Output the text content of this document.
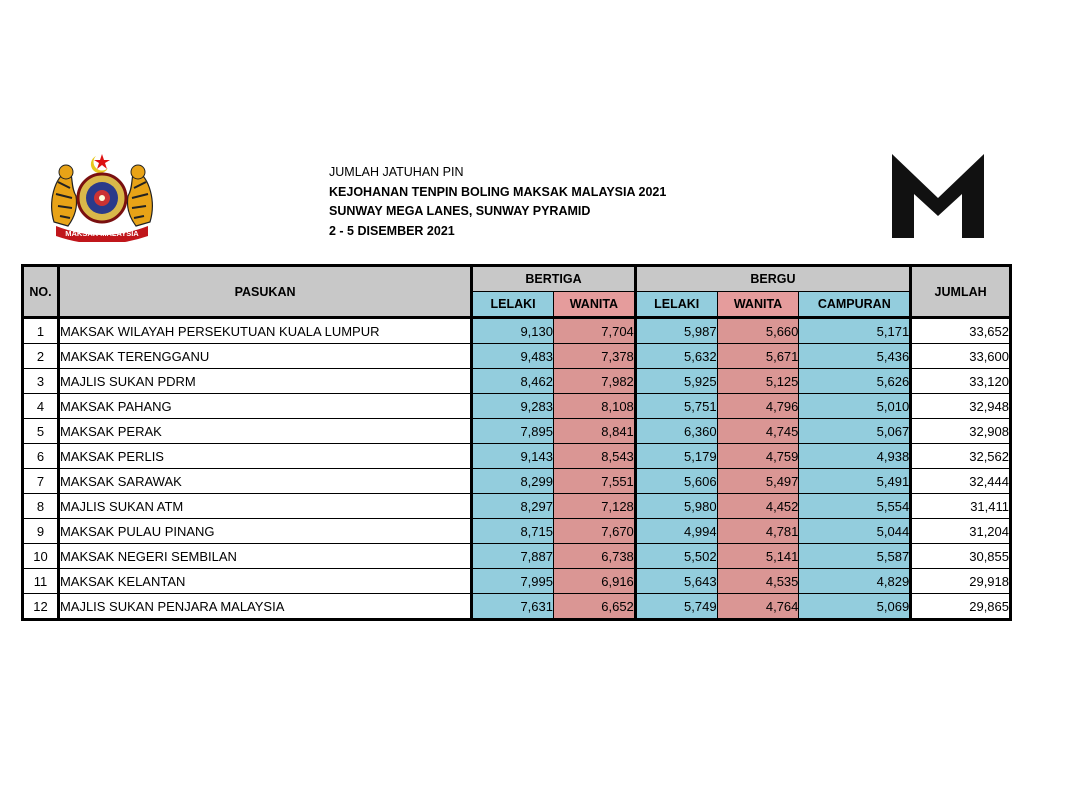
MAKSAK MALAYSIA
JUMLAH JATUHAN PIN
KEJOHANAN TENPIN BOLING MAKSAK MALAYSIA 2021
SUNWAY MEGA LANES, SUNWAY PYRAMID
2 - 5 DISEMBER 2021
NO.	PASUKAN	BERTIGA		BERGU			JUMLAH
		LELAKI	WANITA	LELAKI	WANITA	CAMPURAN	
1	MAKSAK WILAYAH PERSEKUTUAN KUALA LUMPUR	9,130	7,704	5,987	5,660	5,171	33,652
2	MAKSAK TERENGGANU	9,483	7,378	5,632	5,671	5,436	33,600
3	MAJLIS SUKAN PDRM	8,462	7,982	5,925	5,125	5,626	33,120
4	MAKSAK PAHANG	9,283	8,108	5,751	4,796	5,010	32,948
5	MAKSAK PERAK	7,895	8,841	6,360	4,745	5,067	32,908
6	MAKSAK PERLIS	9,143	8,543	5,179	4,759	4,938	32,562
7	MAKSAK SARAWAK	8,299	7,551	5,606	5,497	5,491	32,444
8	MAJLIS SUKAN ATM	8,297	7,128	5,980	4,452	5,554	31,411
9	MAKSAK PULAU PINANG	8,715	7,670	4,994	4,781	5,044	31,204
10	MAKSAK NEGERI SEMBILAN	7,887	6,738	5,502	5,141	5,587	30,855
11	MAKSAK KELANTAN	7,995	6,916	5,643	4,535	4,829	29,918
12	MAJLIS SUKAN PENJARA MALAYSIA	7,631	6,652	5,749	4,764	5,069	29,865
